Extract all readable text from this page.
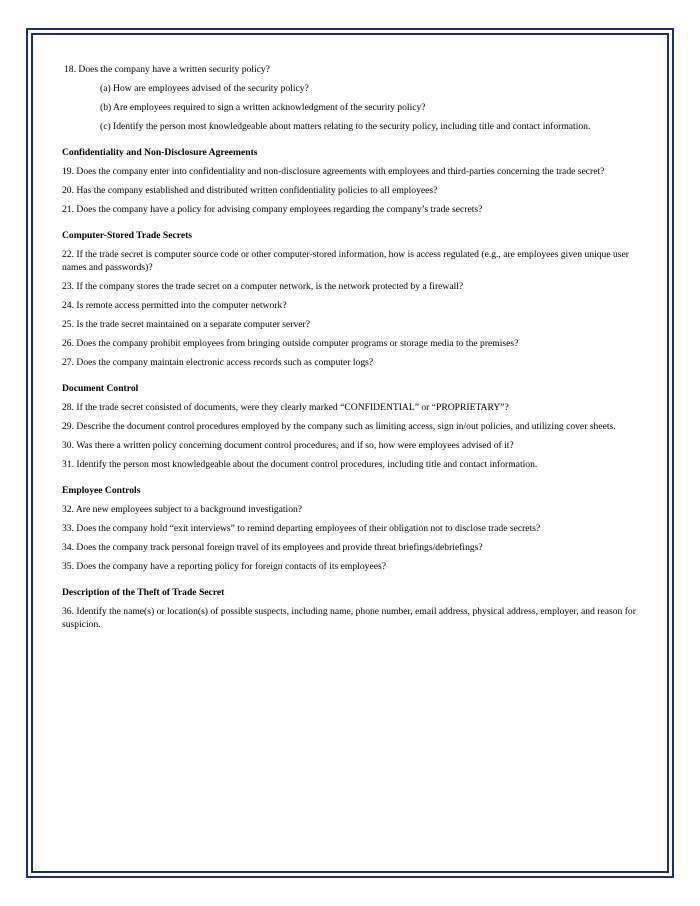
18. Does the company have a written security policy?

(a) How are employees advised of the security policy?

(b) Are employees required to sign a written acknowledgment of the security policy?

(c) Identify the person most knowledgeable about matters relating to the security policy, including title and contact information.

Confidentiality and Non-Disclosure Agreements

19. Does the company enter into confidentiality and non-disclosure agreements with employees and third-parties concerning the trade secret?

20. Has the company established and distributed written confidentiality policies to all employees?

21. Does the company have a policy for advising company employees regarding the company’s trade secrets?

Computer-Stored Trade Secrets

22. If the trade secret is computer source code or other computer-stored information, how is access regulated (e.g., are employees given unique user names and passwords)?

23. If the company stores the trade secret on a computer network, is the network protected by a firewall?

24. Is remote access permitted into the computer network?

25. Is the trade secret maintained on a separate computer server?

26. Does the company prohibit employees from bringing outside computer programs or storage media to the premises?

27. Does the company maintain electronic access records such as computer logs?

Document Control

28. If the trade secret consisted of documents, were they clearly marked “CONFIDENTIAL” or “PROPRIETARY”?

29. Describe the document control procedures employed by the company such as limiting access, sign in/out policies, and utilizing cover sheets.

30. Was there a written policy concerning document control procedures, and if so, how were employees advised of it?

31. Identify the person most knowledgeable about the document control procedures, including title and contact information.

Employee Controls

32. Are new employees subject to a background investigation?

33. Does the company hold “exit interviews” to remind departing employees of their obligation not to disclose trade secrets?

34. Does the company track personal foreign travel of its employees and provide threat briefings/debriefings?

35. Does the company have a reporting policy for foreign contacts of its employees?

Description of the Theft of Trade Secret

36. Identify the name(s) or location(s) of possible suspects, including name, phone number, email address, physical address, employer, and reason for suspicion.
